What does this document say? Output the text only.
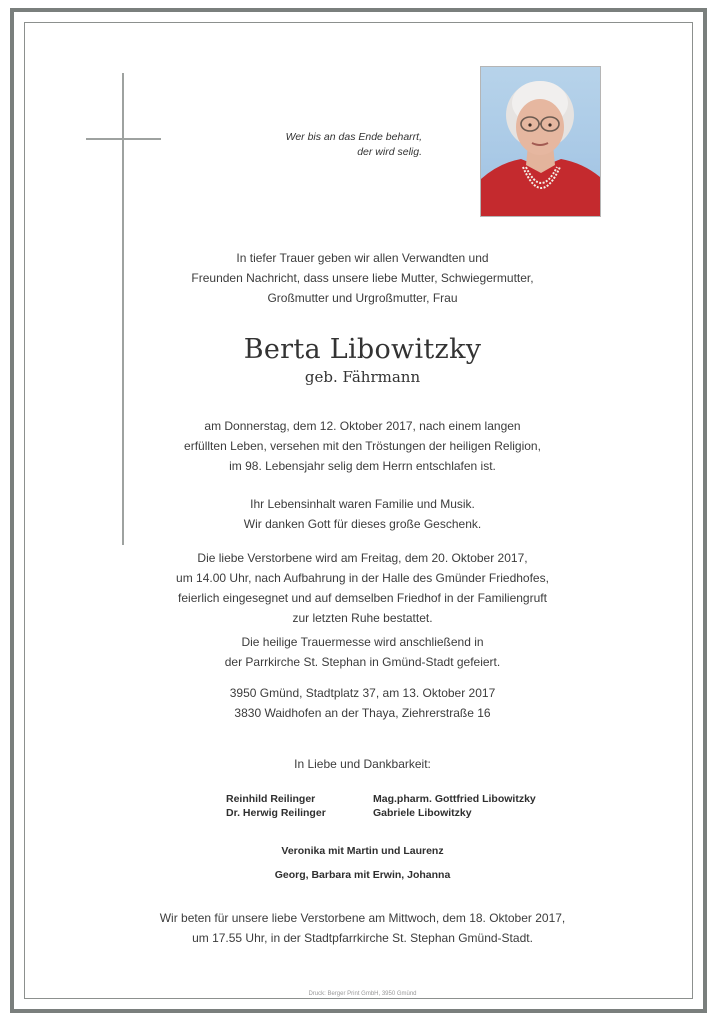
Wer bis an das Ende beharrt,
der wird selig.

In tiefer Trauer geben wir allen Verwandten und

Freunden Nachricht, dass unsere liebe Mutter, Schwiegermutter,

Großmutter und Urgroßmutter, Frau

Berta Libowitzky
geb. Fährmann

am Donnerstag, dem 12. Oktober 2017, nach einem langen

erfüllten Leben, versehen mit den Tröstungen der heiligen Religion,

im 98. Lebensjahr selig dem Herrn entschlafen ist.

Ihr Lebensinhalt waren Familie und Musik.

Wir danken Gott für dieses große Geschenk.

Die liebe Verstorbene wird am Freitag, dem 20. Oktober 2017,

um 14.00 Uhr, nach Aufbahrung in der Halle des Gmünder Friedhofes,

feierlich eingesegnet und auf demselben Friedhof in der Familiengruft

zur letzten Ruhe bestattet.

Die heilige Trauermesse wird anschließend in

der Parrkirche St. Stephan in Gmünd-Stadt gefeiert.

3950 Gmünd, Stadtplatz 37, am 13. Oktober 2017

3830 Waidhofen an der Thaya, Ziehrerstraße 16

In Liebe und Dankbarkeit:

Reinhild Reilinger
Dr. Herwig Reilinger
Mag.pharm. Gottfried Libowitzky
Gabriele Libowitzky
Veronika mit Martin und Laurenz
Georg, Barbara mit Erwin, Johanna

Wir beten für unsere liebe Verstorbene am Mittwoch, dem 18. Oktober 2017,

um 17.55 Uhr, in der Stadtpfarrkirche St. Stephan Gmünd-Stadt.

Druck: Berger Print GmbH, 3950 Gmünd
